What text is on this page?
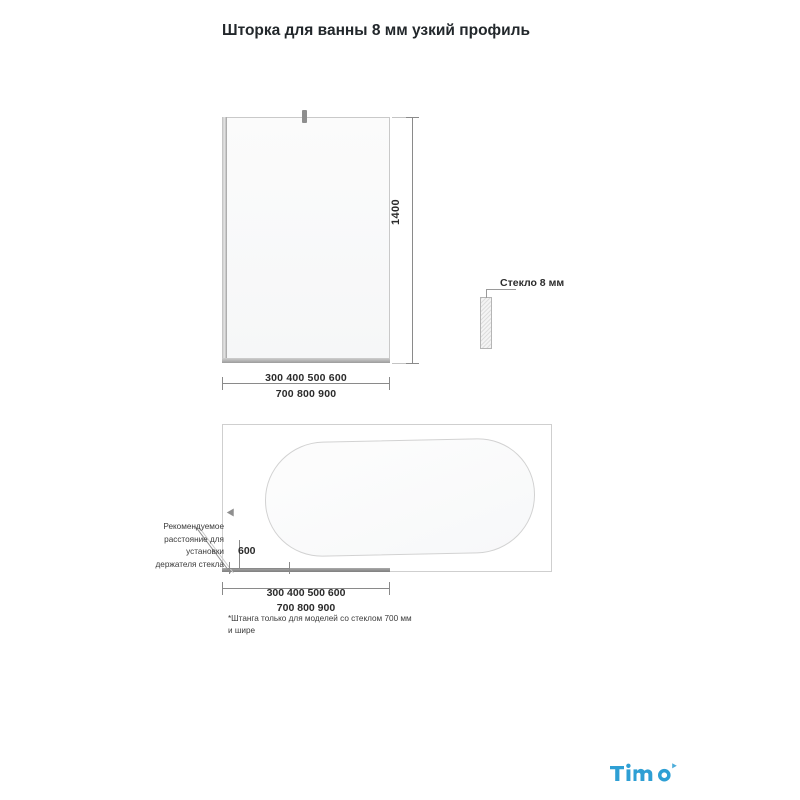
Шторка для ванны 8 мм узкий профиль
1400
300 400 500 600
700 800 900
Стекло 8 мм
Рекомендуемое расстояние для установки держателя стекла
600
300 400 500 600
700 800 900
*Штанга только для моделей со стеклом 700 мм и шире
